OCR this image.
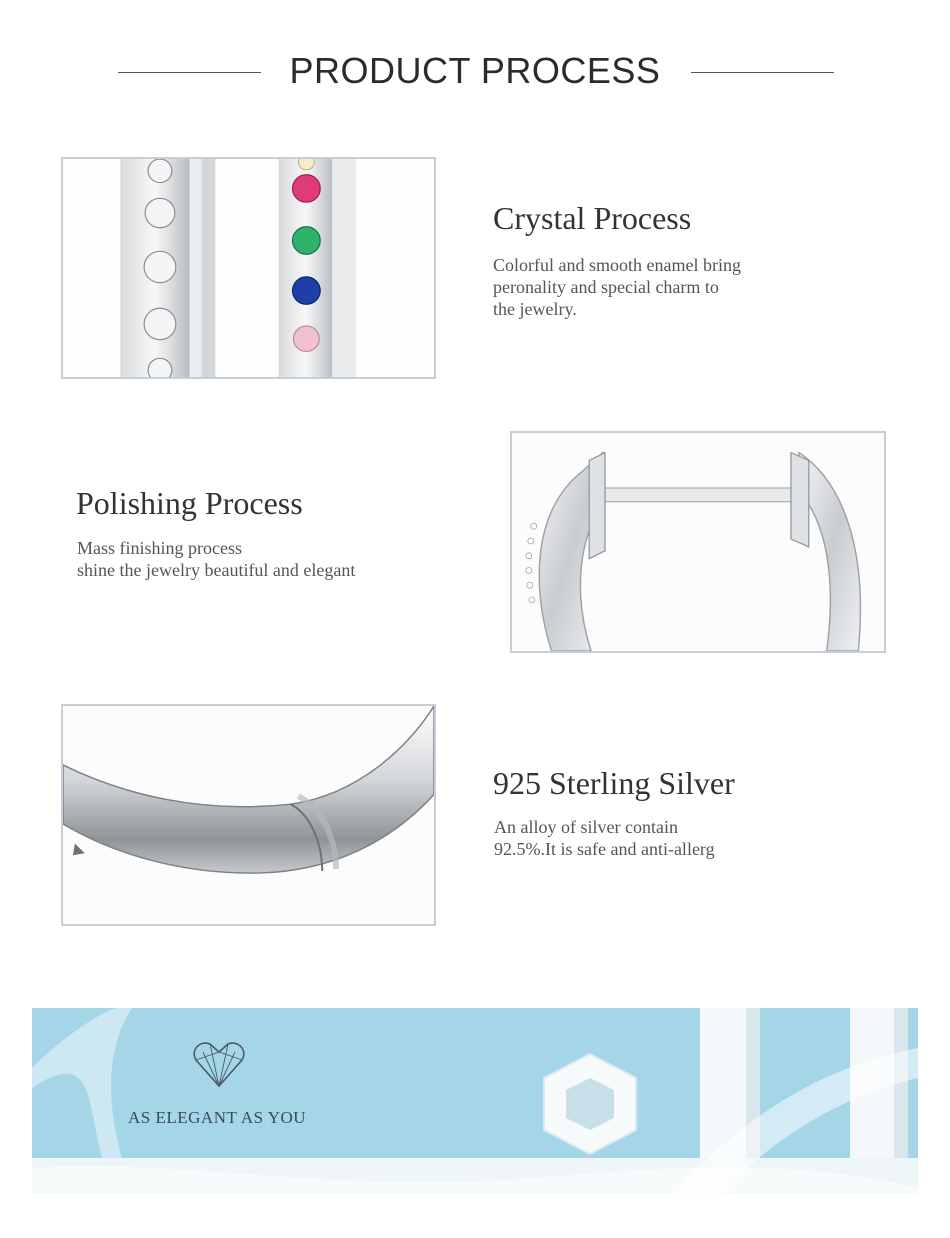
PRODUCT PROCESS
Crystal Process
Colorful and smooth enamel bring
peronality and special charm to
the jewelry.
Polishing Process
Mass finishing process
shine the jewelry beautiful and elegant
925 Sterling Silver
An alloy of silver contain
92.5%.It is safe and anti-allerg
AS ELEGANT AS YOU
